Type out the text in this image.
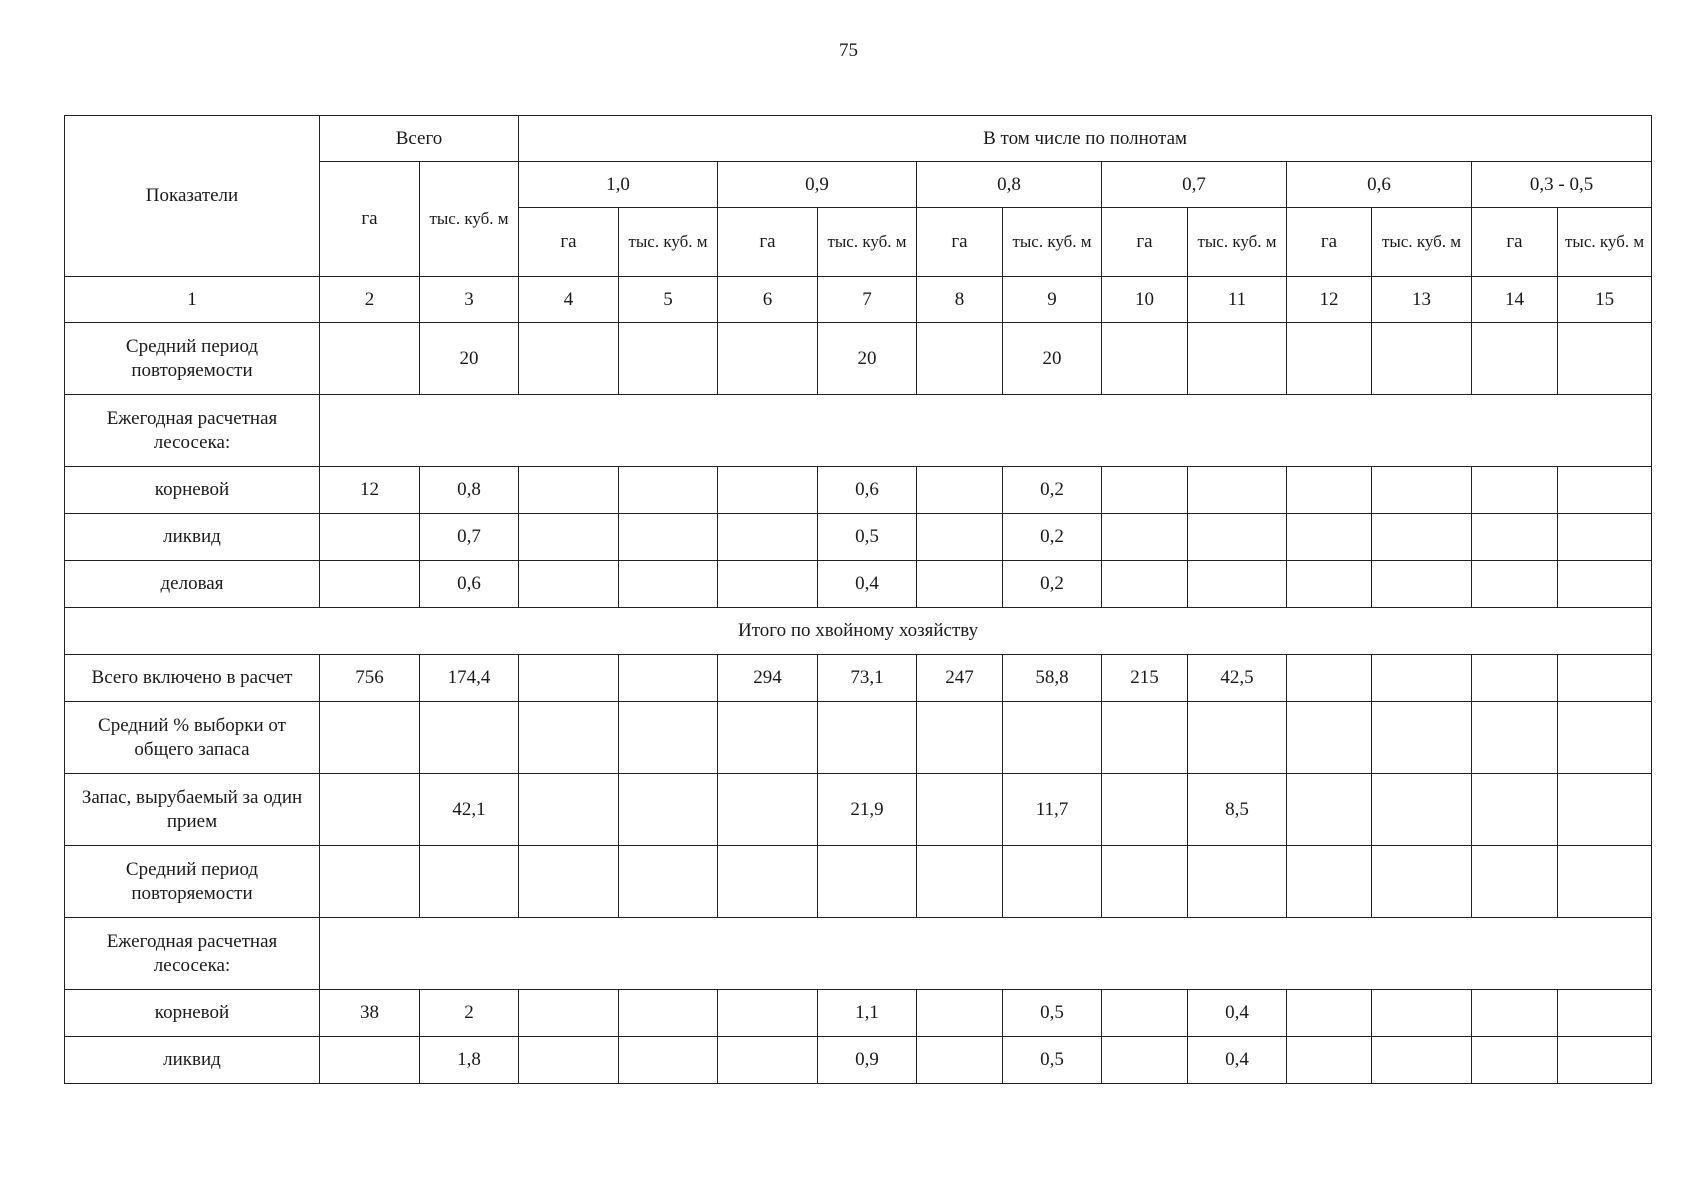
75
Показатели	Всего		В том числе по полнотам											
	га	тыс. куб. м	1,0		0,9		0,8		0,7		0,6		0,3 - 0,5	
			га	тыс. куб. м	га	тыс. куб. м	га	тыс. куб. м	га	тыс. куб. м	га	тыс. куб. м	га	тыс. куб. м
1	2	3	4	5	6	7	8	9	10	11	12	13	14	15
Средний период повторяемости		20				20		20						
Ежегодная расчетная лесосека:														
корневой	12	0,8				0,6		0,2						
ликвид		0,7				0,5		0,2						
деловая		0,6				0,4		0,2						
Итого по хвойному хозяйству														
Всего включено в расчет	756	174,4			294	73,1	247	58,8	215	42,5				
Средний % выборки от общего запаса														
Запас, вырубаемый за один прием		42,1				21,9		11,7		8,5				
Средний период повторяемости														
Ежегодная расчетная лесосека:														
корневой	38	2				1,1		0,5		0,4				
ликвид		1,8				0,9		0,5		0,4				
